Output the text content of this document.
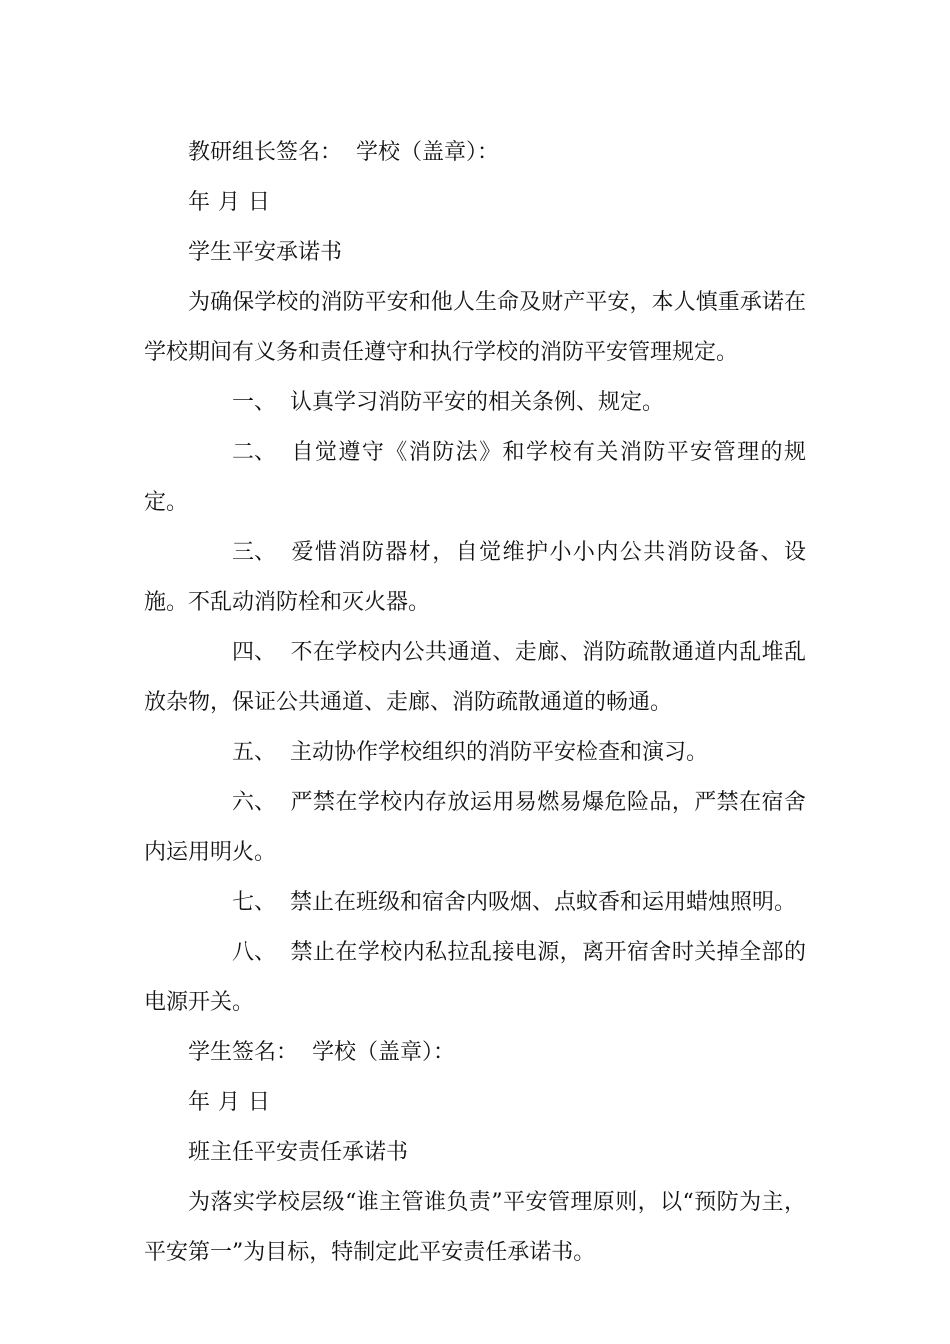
教研组长签名： 学校（盖章）：

年 月 日

学生平安承诺书

为确保学校的消防平安和他人生命及财产平安，本人慎重承诺在学校期间有义务和责任遵守和执行学校的消防平安管理规定。

一、 认真学习消防平安的相关条例、规定。

二、 自觉遵守《消防法》和学校有关消防平安管理的规定。

三、 爱惜消防器材，自觉维护小小内公共消防设备、设施。不乱动消防栓和灭火器。

四、 不在学校内公共通道、走廊、消防疏散通道内乱堆乱放杂物，保证公共通道、走廊、消防疏散通道的畅通。

五、 主动协作学校组织的消防平安检查和演习。

六、 严禁在学校内存放运用易燃易爆危险品，严禁在宿舍内运用明火。

七、 禁止在班级和宿舍内吸烟、点蚊香和运用蜡烛照明。

八、 禁止在学校内私拉乱接电源，离开宿舍时关掉全部的电源开关。

学生签名： 学校（盖章）：

年 月 日

班主任平安责任承诺书

为落实学校层级“谁主管谁负责”平安管理原则，以“预防为主，平安第一”为目标，特制定此平安责任承诺书。
